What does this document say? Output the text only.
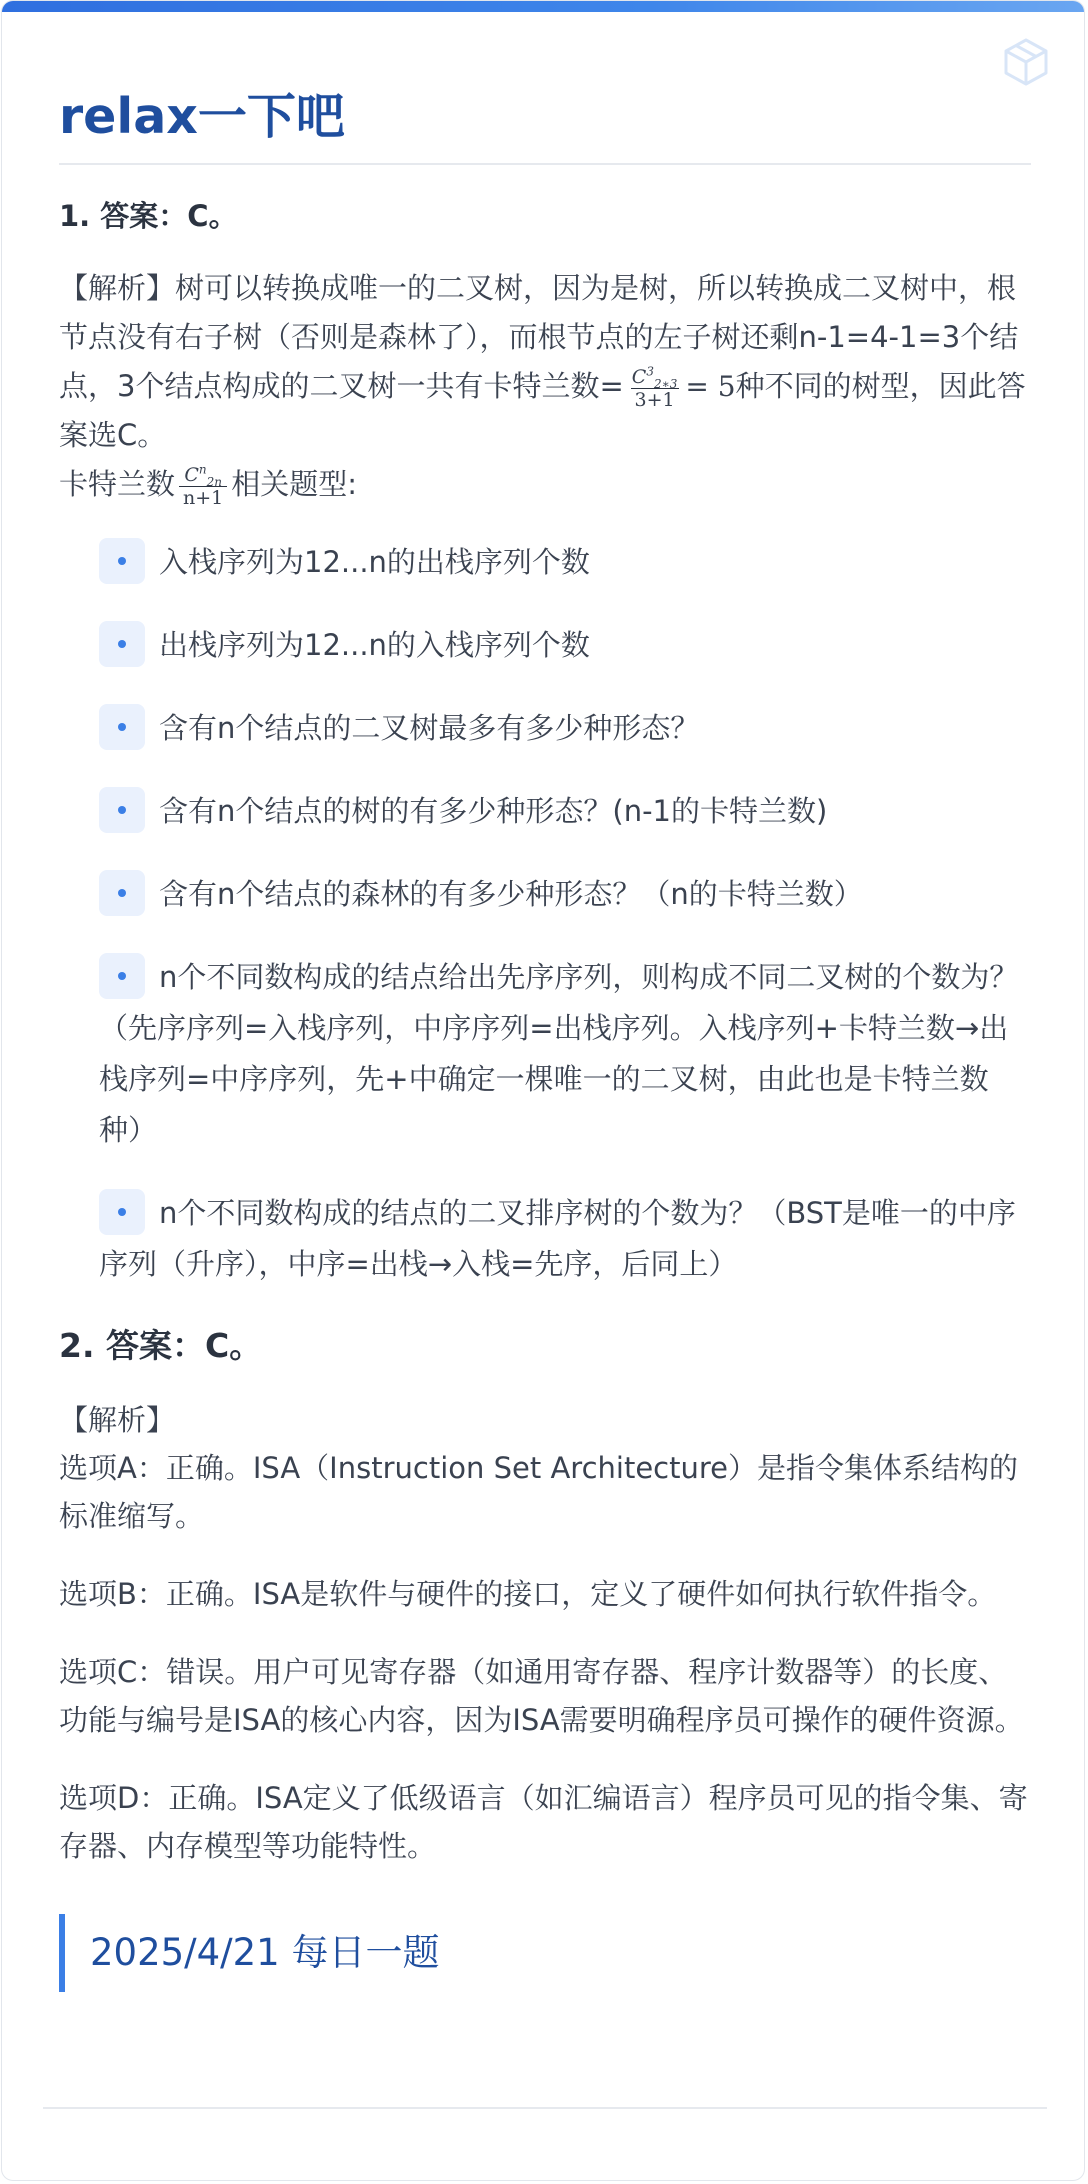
relax一下吧
1. 答案：C。

【解析】树可以转换成唯一的二叉树，因为是树，所以转换成二叉树中，根节点没有右子树（否则是森林了），而根节点的左子树还剩n-1=4-1=3个结点，3个结点构成的二叉树一共有卡特兰数= $\frac{C^3_{2∗3}}{3+1} = 5$种不同的树型，因此答案选C。
卡特兰数 $\frac{C^n_{2n}}{n+1}$ 相关题型:

入栈序列为12...n的出栈序列个数
出栈序列为12...n的入栈序列个数
含有n个结点的二叉树最多有多少种形态？
含有n个结点的树的有多少种形态？(n-1的卡特兰数)
含有n个结点的森林的有多少种形态？（n的卡特兰数）
n个不同数构成的结点给出先序序列，则构成不同二叉树的个数为？（先序序列=入栈序列，中序序列=出栈序列。入栈序列+卡特兰数→出栈序列=中序序列，先+中确定一棵唯一的二叉树，由此也是卡特兰数种）
n个不同数构成的结点的二叉排序树的个数为？（BST是唯一的中序序列（升序），中序=出栈→入栈=先序，后同上）
2. 答案：C。

【解析】

选项A：正确。ISA（Instruction Set Architecture）是指令集体系结构的标准缩写。

选项B：正确。ISA是软件与硬件的接口，定义了硬件如何执行软件指令。

选项C：错误。用户可见寄存器（如通用寄存器、程序计数器等）的长度、功能与编号是ISA的核心内容，因为ISA需要明确程序员可操作的硬件资源。

选项D：正确。ISA定义了低级语言（如汇编语言）程序员可见的指令集、寄存器、内存模型等功能特性。

2025/4/21 每日一题
